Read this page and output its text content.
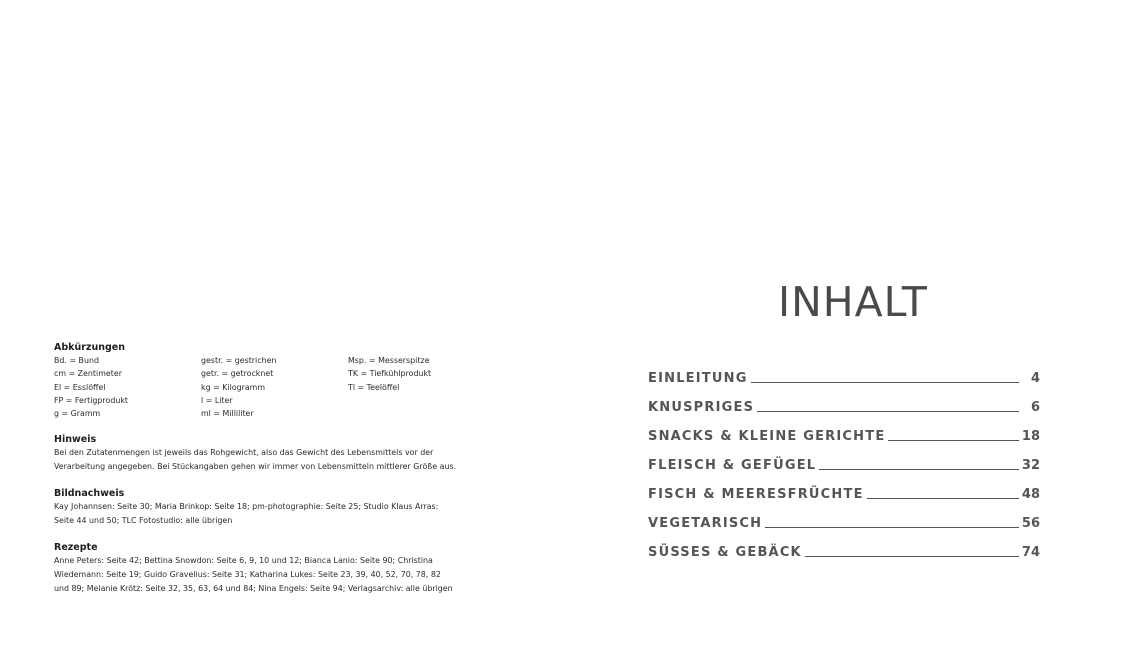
Abkürzungen

Bd. = Bund	gestr. = gestrichen	Msp. = Messerspitze
cm = Zentimeter	getr. = getrocknet	TK = Tiefkühlprodukt
El = Esslöffel	kg = Kilogramm	Tl = Teelöffel
FP = Fertigprodukt	l = Liter
g = Gramm	ml = Milliliter

Hinweis

Bei den Zutatenmengen ist jeweils das Rohgewicht, also das Gewicht des Lebensmittels vor der
Verarbeitung angegeben. Bei Stückangaben gehen wir immer von Lebensmitteln mittlerer Größe aus.

Bildnachweis

Kay Johannsen: Seite 30; Maria Brinkop: Seite 18; pm-photographie: Seite 25; Studio Klaus Arras:
Seite 44 und 50; TLC Fotostudio: alle übrigen

Rezepte

Anne Peters: Seite 42; Bettina Snowdon: Seite 6, 9, 10 und 12; Bianca Lanio: Seite 90; Christina
Wiedemann: Seite 19; Guido Gravelius: Seite 31; Katharina Lukes: Seite 23, 39, 40, 52, 70, 78, 82
und 89; Melanie Krötz: Seite 32, 35, 63, 64 und 84; Nina Engels: Seite 94; Verlagsarchiv: alle übrigen

INHALT
EINLEITUNG	4
KNUSPRIGES	6
SNACKS & KLEINE GERICHTE	18
FLEISCH & GEFÜGEL	32
FISCH & MEERESFRÜCHTE	48
VEGETARISCH	56
SÜSSES & GEBÄCK	74
